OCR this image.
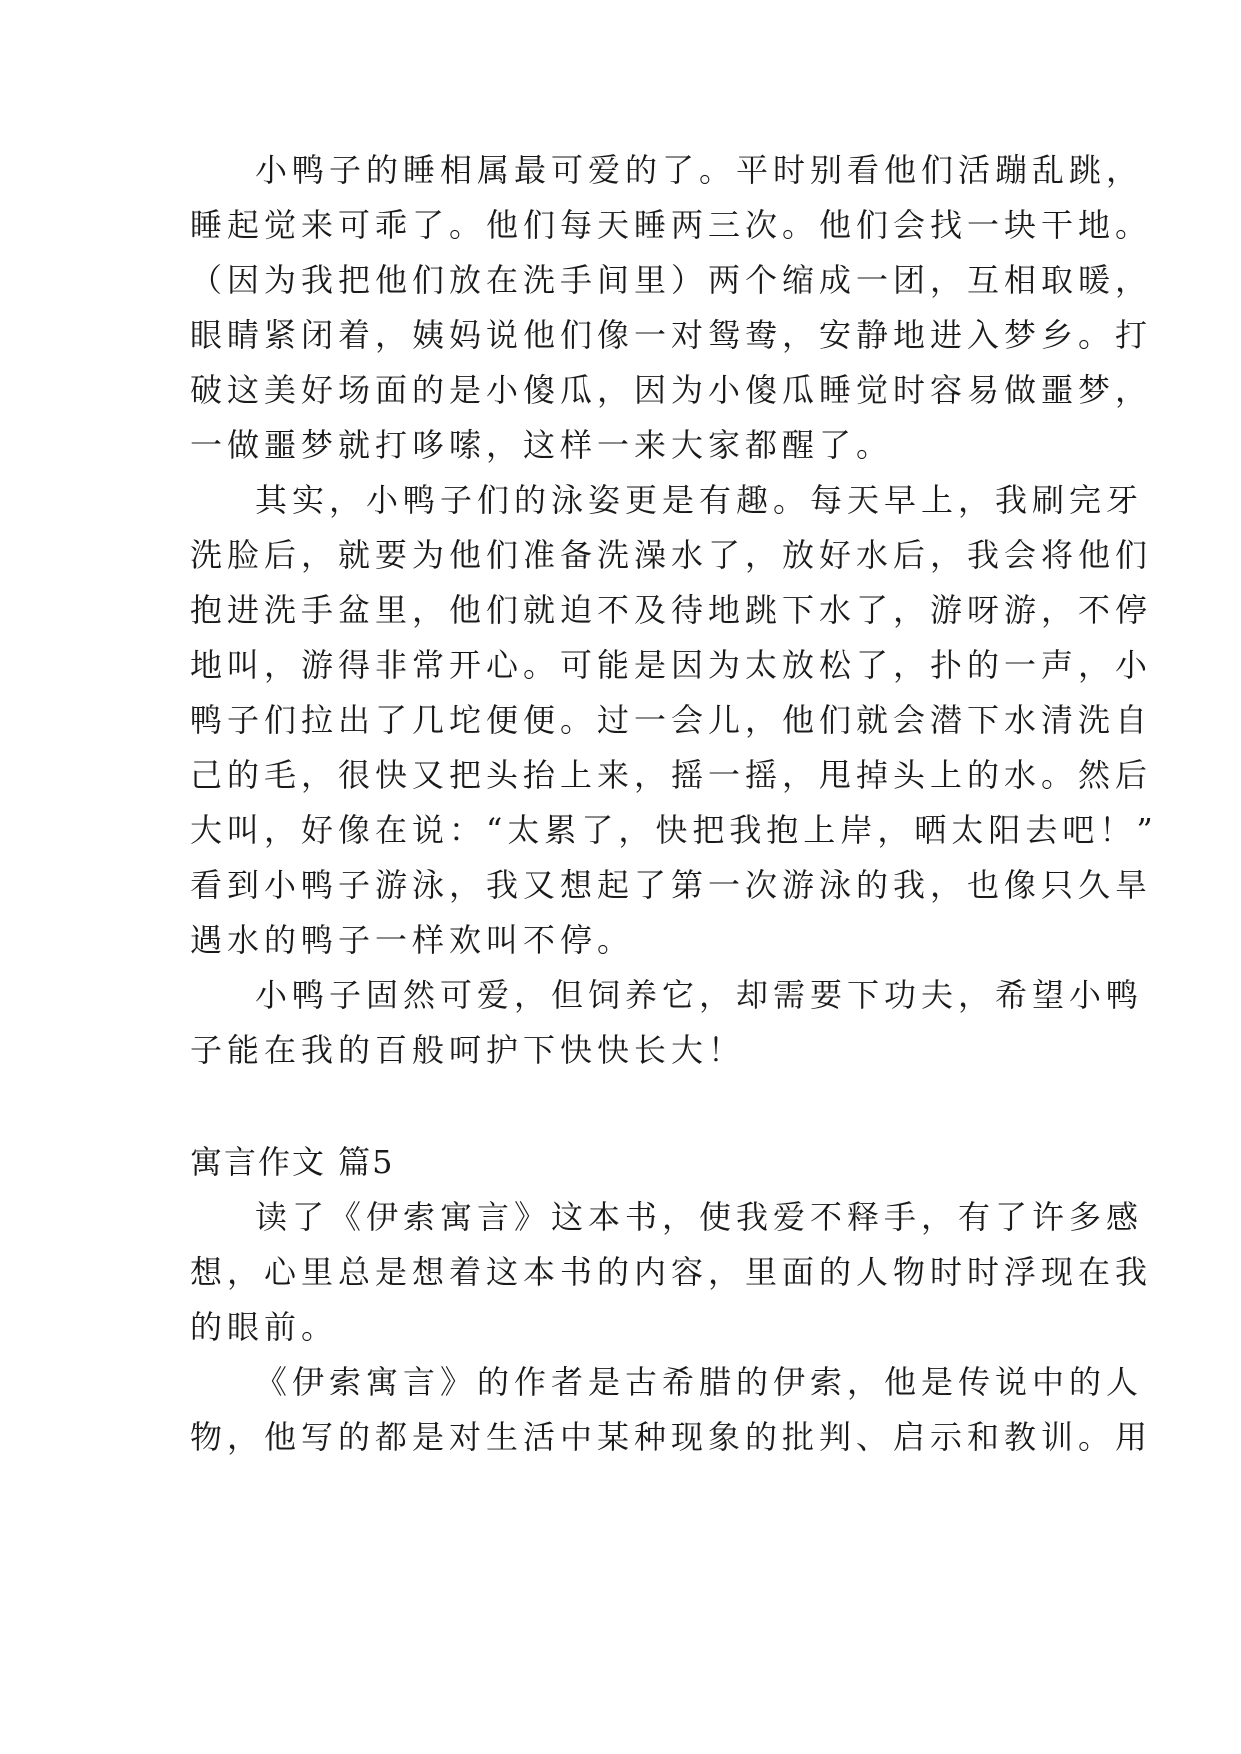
小鸭子的睡相属最可爱的了。平时别看他们活蹦乱跳，
睡起觉来可乖了。他们每天睡两三次。他们会找一块干地。
（因为我把他们放在洗手间里）两个缩成一团，互相取暖，
眼睛紧闭着，姨妈说他们像一对鸳鸯，安静地进入梦乡。打
破这美好场面的是小傻瓜，因为小傻瓜睡觉时容易做噩梦，
一做噩梦就打哆嗦，这样一来大家都醒了。
其实，小鸭子们的泳姿更是有趣。每天早上，我刷完牙
洗脸后，就要为他们准备洗澡水了，放好水后，我会将他们
抱进洗手盆里，他们就迫不及待地跳下水了，游呀游，不停
地叫，游得非常开心。可能是因为太放松了，扑的一声，小
鸭子们拉出了几坨便便。过一会儿，他们就会潜下水清洗自
己的毛，很快又把头抬上来，摇一摇，甩掉头上的水。然后
大叫，好像在说：“太累了，快把我抱上岸，晒太阳去吧！”
看到小鸭子游泳，我又想起了第一次游泳的我，也像只久旱
遇水的鸭子一样欢叫不停。
小鸭子固然可爱，但饲养它，却需要下功夫，希望小鸭
子能在我的百般呵护下快快长大！
寓言作文 篇5
读了《伊索寓言》这本书，使我爱不释手，有了许多感
想，心里总是想着这本书的内容，里面的人物时时浮现在我
的眼前。
《伊索寓言》的作者是古希腊的伊索，他是传说中的人
物，他写的都是对生活中某种现象的批判、启示和教训。用
